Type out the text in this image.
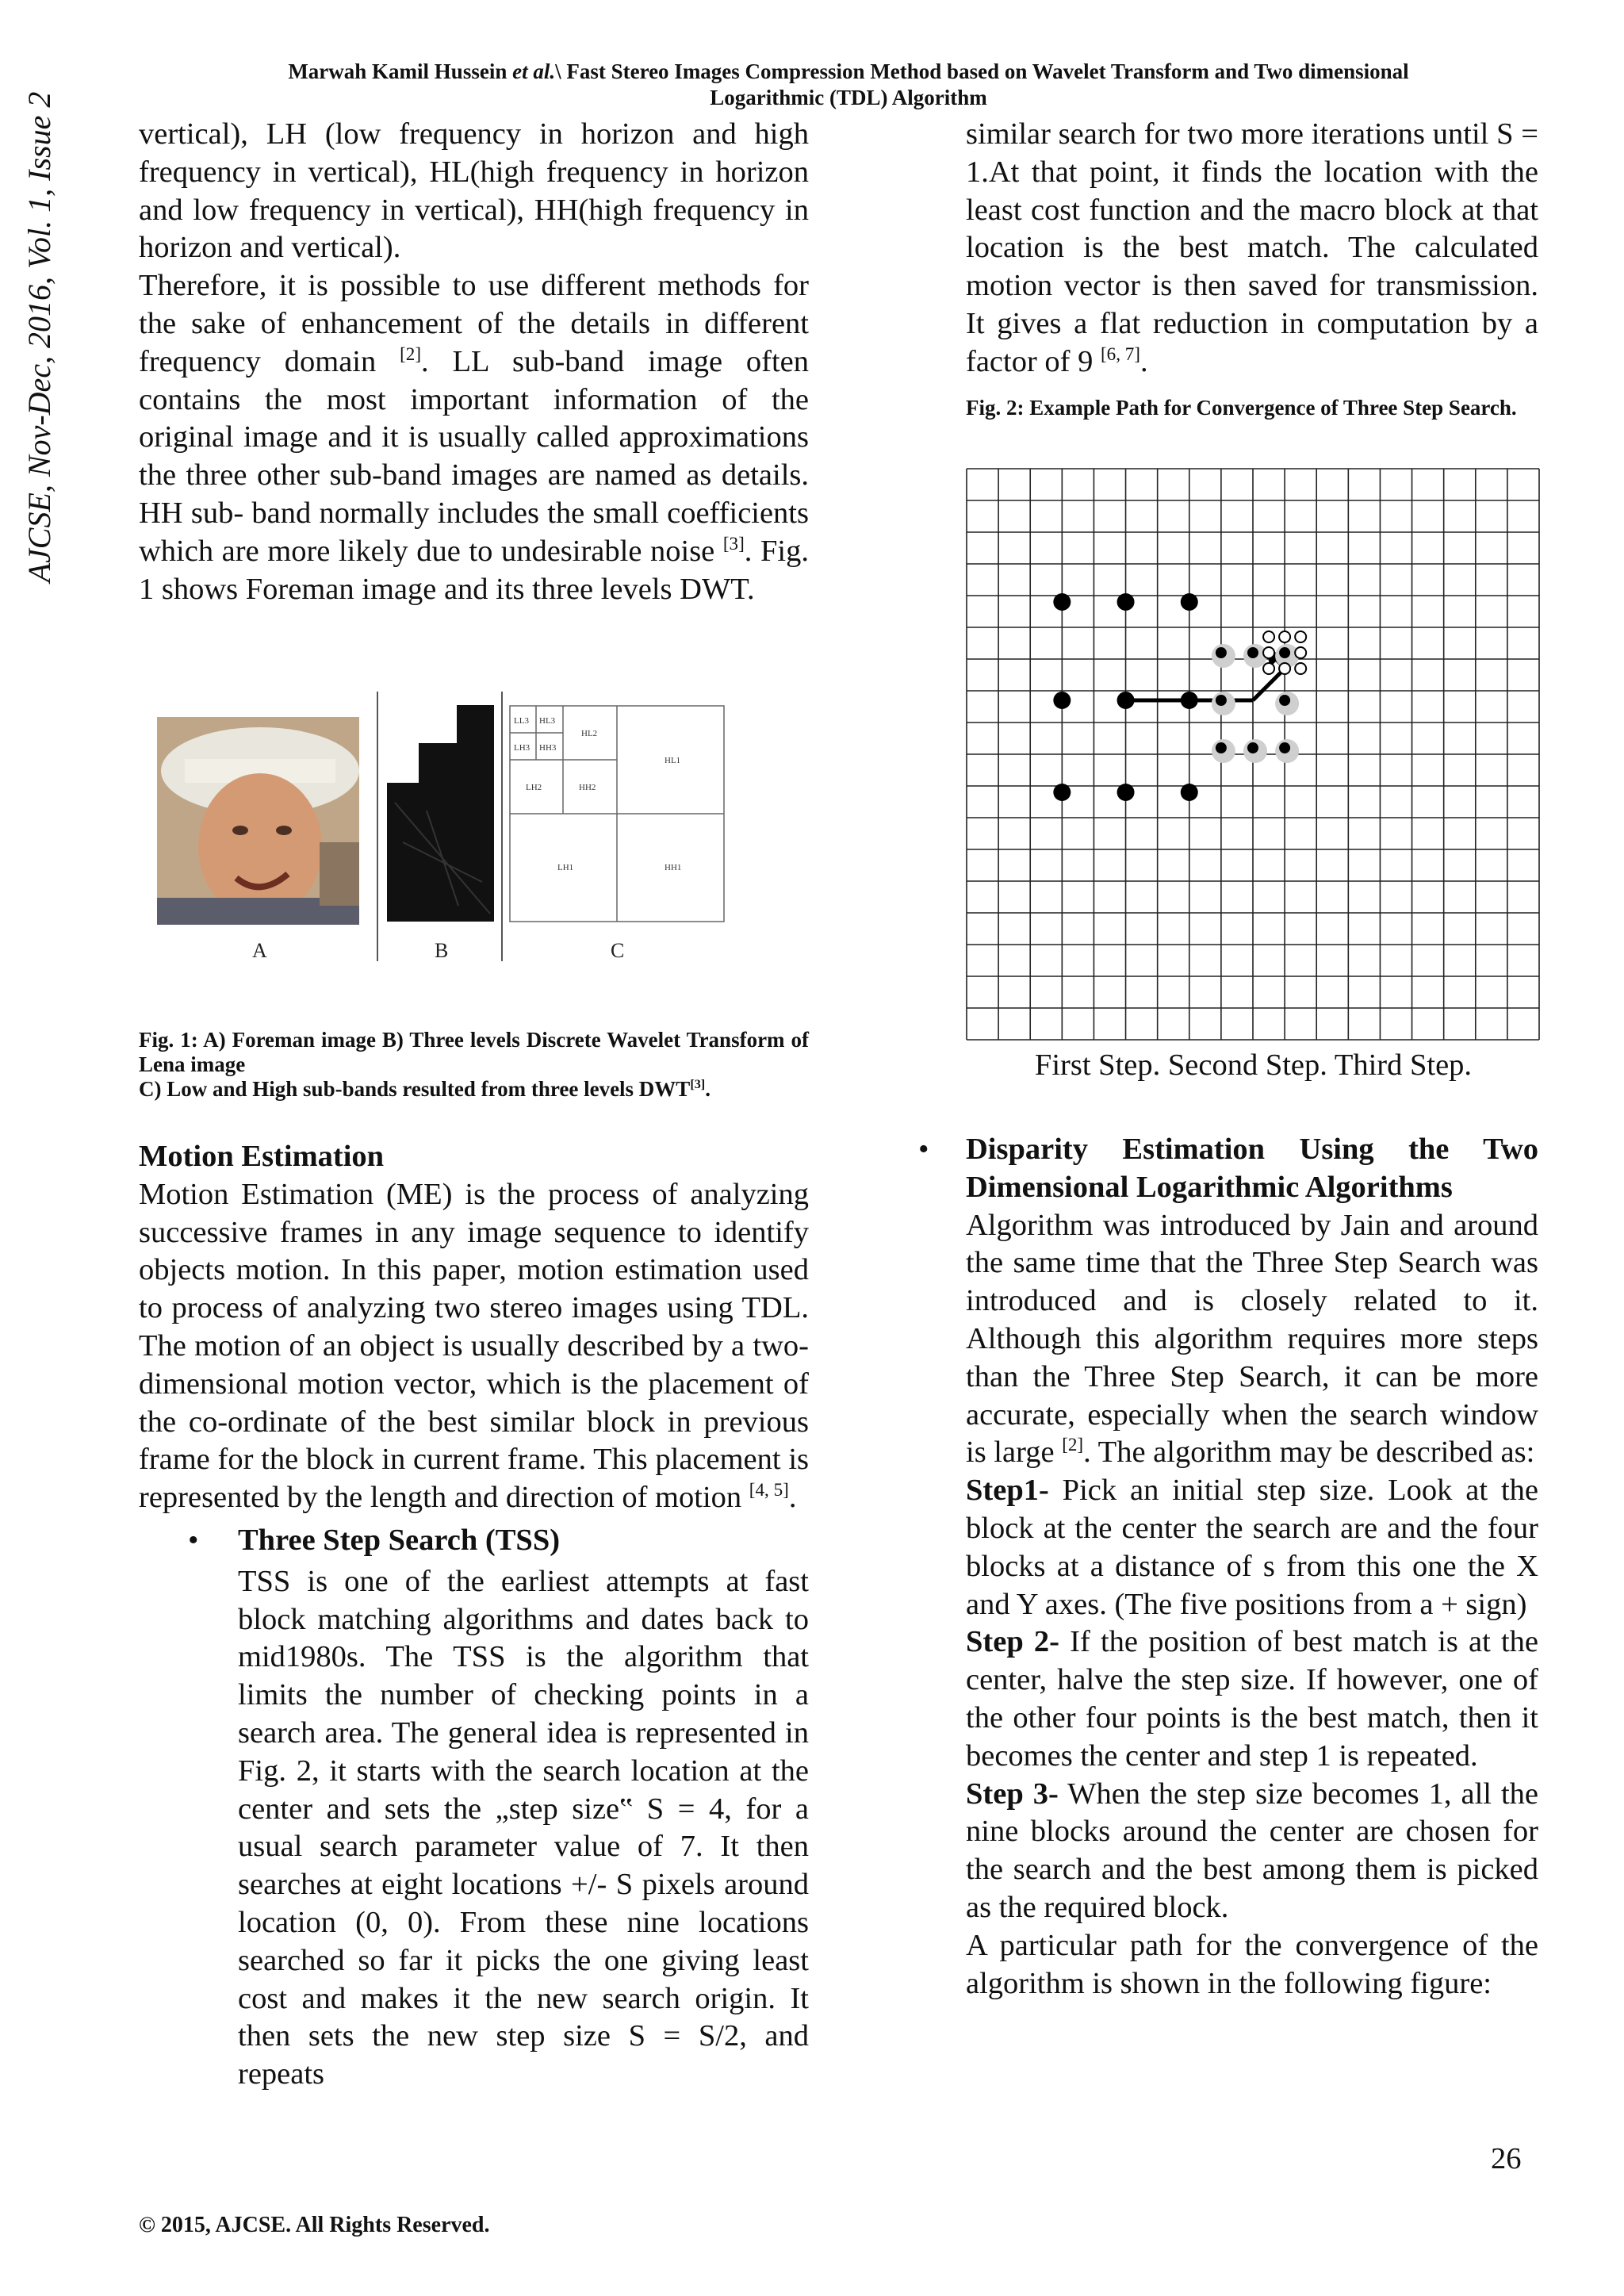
Marwah Kamil Hussein et al.\ Fast Stereo Images Compression Method based on Wavelet Transform and Two dimensional
Logarithmic (TDL) Algorithm
AJCSE, Nov-Dec, 2016, Vol. 1, Issue 2	vertical), LH (low frequency in horizon and high frequency in vertical), HL(high frequency in horizon and low frequency in vertical), HH(high frequency in horizon and vertical).

Therefore, it is possible to use different methods for the sake of enhancement of the details in different frequency domain [2]. LL sub-band image often contains the most important information of the original image and it is usually called approximations the three other sub-band images are named as details. HH sub- band normally includes the small coefficients which are more likely due to undesirable noise [3]. Fig. 1 shows Foreman image and its three levels DWT.

LL3 HL3
LH3 HH3
HL2
LH2	HH2
HL1
LH1	HH1
A	B	C
Fig. 1: A) Foreman image B) Three levels Discrete Wavelet Transform of Lena image
C) Low and High sub-bands resulted from three levels DWT[3].

Motion Estimation

Motion Estimation (ME) is the process of analyzing successive frames in any image sequence to identify objects motion. In this paper, motion estimation used to process of analyzing two stereo images using TDL. The motion of an object is usually described by a two-dimensional motion vector, which is the placement of the co-ordinate of the best similar block in previous frame for the block in current frame. This placement is represented by the length and direction of motion [4, 5].

• Three Step Search (TSS)

TSS is one of the earliest attempts at fast block matching algorithms and dates back to mid1980s. The TSS is the algorithm that limits the number of checking points in a search area. The general idea is represented in Fig. 2, it starts with the search location at the center and sets the „step size‟ S = 4, for a usual search parameter value of 7. It then searches at eight locations +/- S pixels around location (0, 0). From these nine locations searched so far it picks the one giving least cost and makes it the new search origin. It then sets the new step size S = S/2, and repeats

similar search for two more iterations until S = 1.At that point, it finds the location with the least cost function and the macro block at that location is the best match. The calculated motion vector is then saved for transmission. It gives a flat reduction in computation by a factor of 9 [6, 7].

Fig. 2: Example Path for Convergence of Three Step Search.
First Step. Second Step. Third Step.
• Disparity Estimation Using the Two Dimensional Logarithmic Algorithms

Algorithm was introduced by Jain and around the same time that the Three Step Search was introduced and is closely related to it. Although this algorithm requires more steps than the Three Step Search, it can be more accurate, especially when the search window is large [2]. The algorithm may be described as:

Step1- Pick an initial step size. Look at the block at the center the search are and the four blocks at a distance of s from this one the X and Y axes. (The five positions from a + sign)

Step 2- If the position of best match is at the center, halve the step size. If however, one of the other four points is the best match, then it becomes the center and step 1 is repeated.

Step 3- When the step size becomes 1, all the nine blocks around the center are chosen for the search and the best among them is picked as the required block.

A particular path for the convergence of the algorithm is shown in the following figure:

26
© 2015, AJCSE. All Rights Reserved.
